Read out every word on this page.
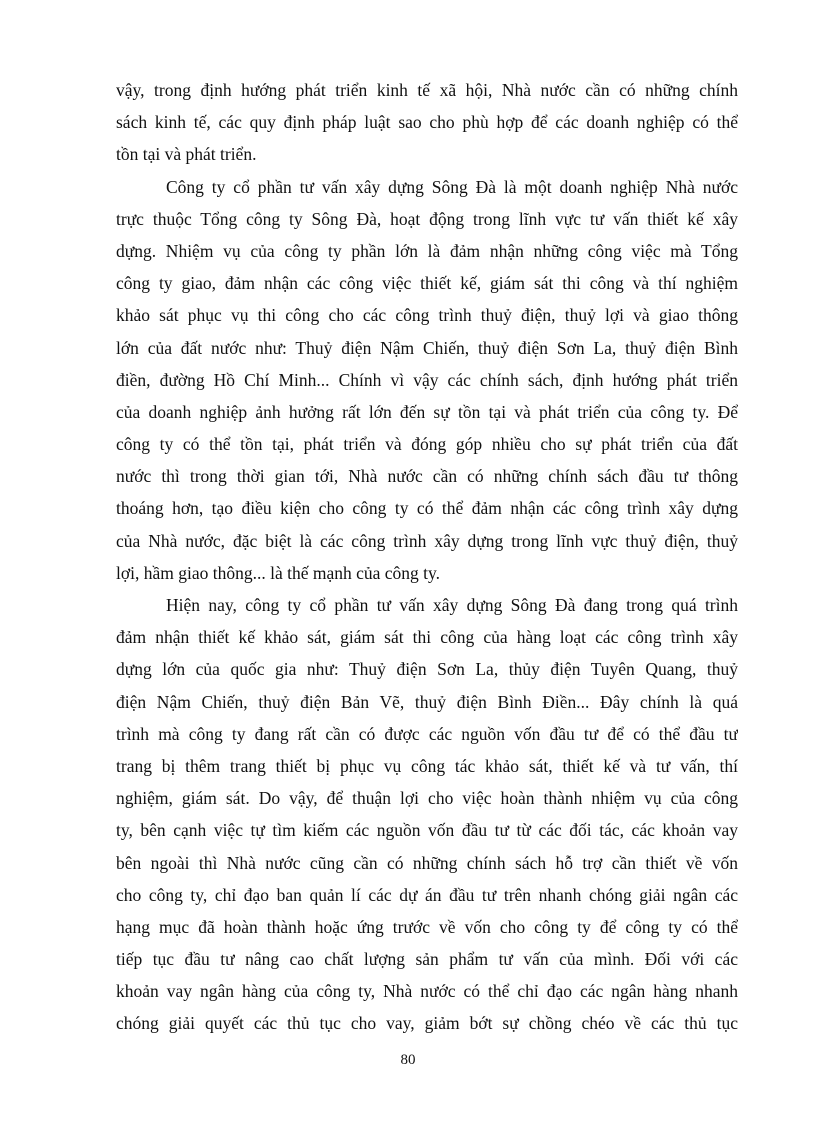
vậy, trong định hướng phát triển kinh tế xã hội, Nhà nước cần có những chính
sách kinh tế, các quy định pháp luật sao cho phù hợp để các doanh nghiệp có thể
tồn tại và phát triển.
Công ty cổ phần tư vấn xây dựng Sông Đà là một doanh nghiệp Nhà nước
trực thuộc Tổng công ty Sông Đà, hoạt động trong lĩnh vực tư vấn thiết kế xây
dựng. Nhiệm vụ của công ty phần lớn là đảm nhận những công việc mà Tổng
công ty giao, đảm nhận các công việc thiết kế, giám sát thi công và thí nghiệm
khảo sát phục vụ thi công cho các công trình thuỷ điện, thuỷ lợi và giao thông
lớn của đất nước như: Thuỷ điện Nậm Chiến, thuỷ điện Sơn La, thuỷ điện Bình
điền, đường Hồ Chí Minh... Chính vì vậy các chính sách, định hướng phát triển
của doanh nghiệp ảnh hưởng rất lớn đến sự tồn tại và phát triển của công ty. Để
công ty có thể tồn tại, phát triển và đóng góp nhiều cho sự phát triển của đất
nước thì trong thời gian tới, Nhà nước cần có những chính sách đầu tư thông
thoáng hơn, tạo điều kiện cho công ty có thể đảm nhận các công trình xây dựng
của Nhà nước, đặc biệt là các công trình xây dựng trong lĩnh vực thuỷ điện, thuỷ
lợi, hầm giao thông... là thế mạnh của công ty.
Hiện nay, công ty cổ phần tư vấn xây dựng Sông Đà đang trong quá trình
đảm nhận thiết kế khảo sát, giám sát thi công của hàng loạt các công trình xây
dựng lớn của quốc gia như: Thuỷ điện Sơn La, thủy điện Tuyên Quang, thuỷ
điện Nậm Chiến, thuỷ điện Bản Vẽ, thuỷ điện Bình Điền... Đây chính là quá
trình mà công ty đang rất cần có được các nguồn vốn đầu tư để có thể đầu tư
trang bị thêm trang thiết bị phục vụ công tác khảo sát, thiết kế và tư vấn, thí
nghiệm, giám sát. Do vậy, để thuận lợi cho việc hoàn thành nhiệm vụ của công
ty, bên cạnh việc tự tìm kiếm các nguồn vốn đầu tư từ các đối tác, các khoản vay
bên ngoài thì Nhà nước cũng cần có những chính sách hỗ trợ cần thiết về vốn
cho công ty, chỉ đạo ban quản lí các dự án đầu tư trên nhanh chóng giải ngân các
hạng mục đã hoàn thành hoặc ứng trước về vốn cho công ty để công ty có thể
tiếp tục đầu tư nâng cao chất lượng sản phẩm tư vấn của mình. Đối với các
khoản vay ngân hàng của công ty, Nhà nước có thể chỉ đạo các ngân hàng nhanh
chóng giải quyết các thủ tục cho vay, giảm bớt sự chồng chéo về các thủ tục
80
